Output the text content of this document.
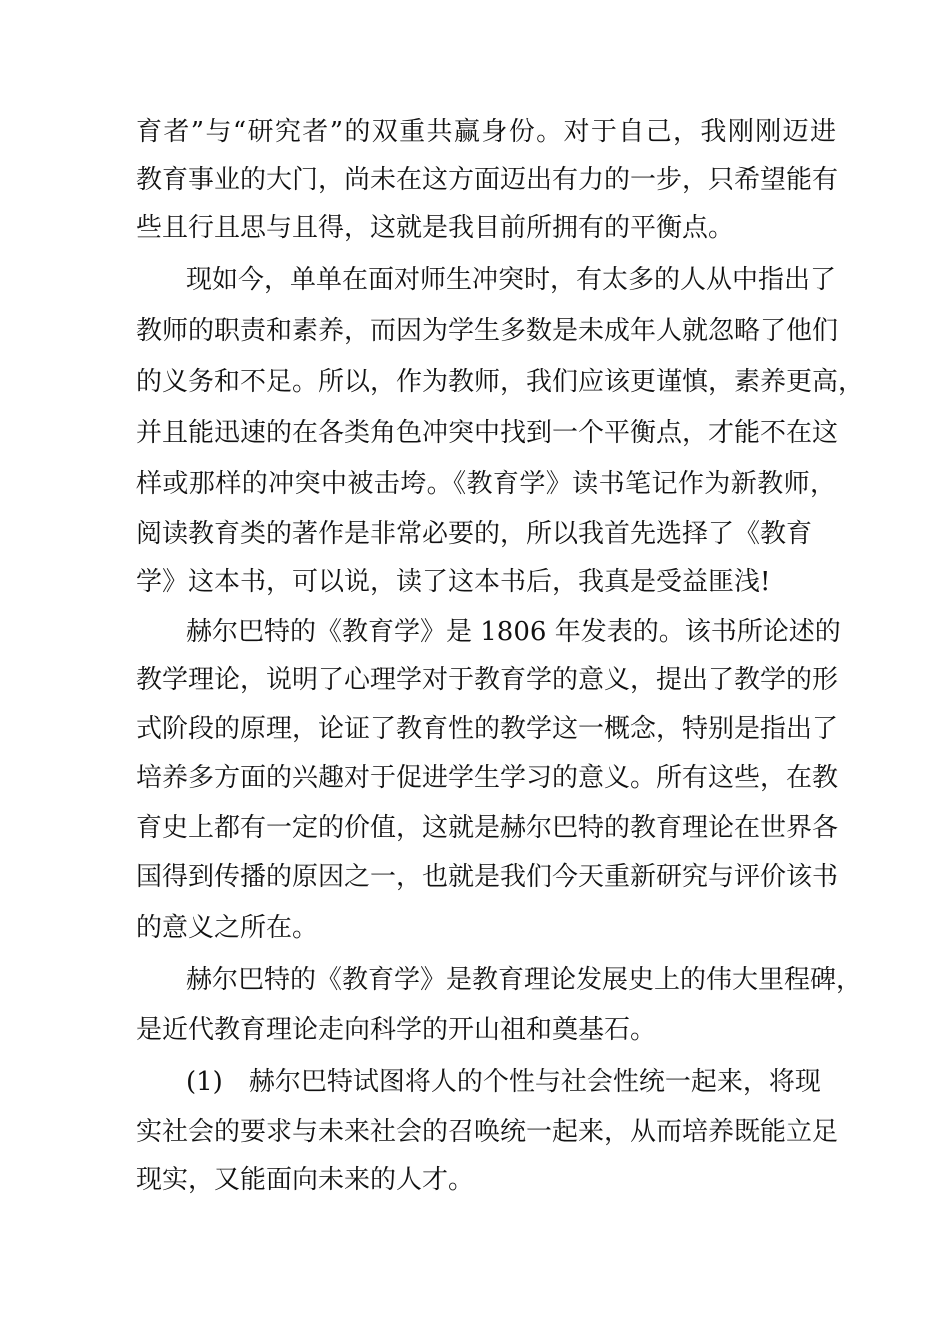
育者”与“研究者”的双重共赢身份。对于自己，我刚刚迈进
教育事业的大门，尚未在这方面迈出有力的一步，只希望能有
些且行且思与且得，这就是我目前所拥有的平衡点。
现如今，单单在面对师生冲突时，有太多的人从中指出了
教师的职责和素养，而因为学生多数是未成年人就忽略了他们
的义务和不足。所以，作为教师，我们应该更谨慎，素养更高，
并且能迅速的在各类角色冲突中找到一个平衡点，才能不在这
样或那样的冲突中被击垮。《教育学》读书笔记作为新教师，
阅读教育类的著作是非常必要的，所以我首先选择了《教育
学》这本书，可以说，读了这本书后，我真是受益匪浅!
赫尔巴特的《教育学》是 1806 年发表的。该书所论述的
教学理论，说明了心理学对于教育学的意义，提出了教学的形
式阶段的原理，论证了教育性的教学这一概念，特别是指出了
培养多方面的兴趣对于促进学生学习的意义。所有这些，在教
育史上都有一定的价值，这就是赫尔巴特的教育理论在世界各
国得到传播的原因之一，也就是我们今天重新研究与评价该书
的意义之所在。
赫尔巴特的《教育学》是教育理论发展史上的伟大里程碑，
是近代教育理论走向科学的开山祖和奠基石。
(1)　赫尔巴特试图将人的个性与社会性统一起来，将现
实社会的要求与未来社会的召唤统一起来，从而培养既能立足
现实，又能面向未来的人才。
